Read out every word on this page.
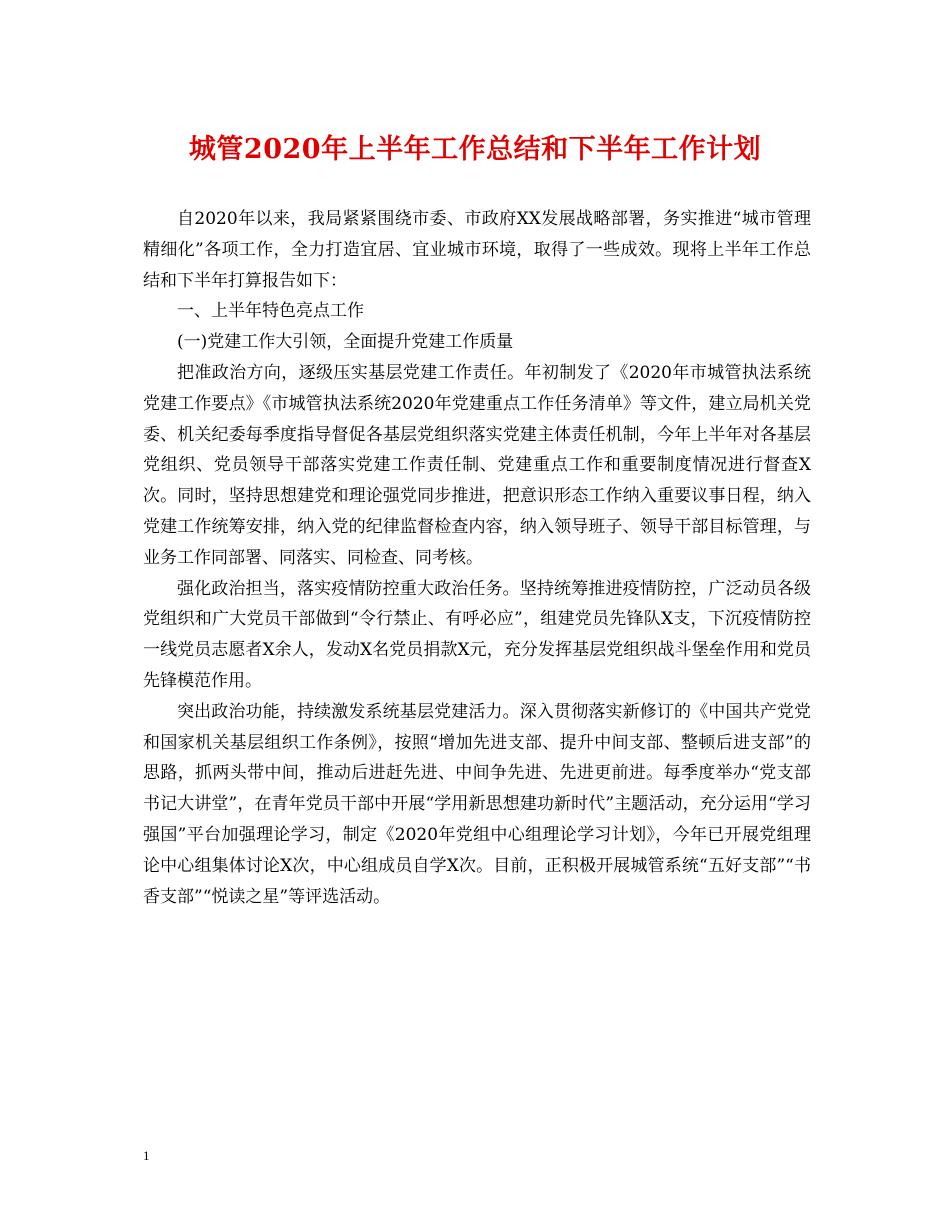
城管2020年上半年工作总结和下半年工作计划

自2020年以来，我局紧紧围绕市委、市政府XX发展战略部署，务实推进“城市管理精细化”各项工作，全力打造宜居、宜业城市环境，取得了一些成效。现将上半年工作总结和下半年打算报告如下：

一、上半年特色亮点工作

(一)党建工作大引领，全面提升党建工作质量

把准政治方向，逐级压实基层党建工作责任。年初制发了《2020年市城管执法系统党建工作要点》《市城管执法系统2020年党建重点工作任务清单》等文件，建立局机关党委、机关纪委每季度指导督促各基层党组织落实党建主体责任机制，今年上半年对各基层党组织、党员领导干部落实党建工作责任制、党建重点工作和重要制度情况进行督查X次。同时，坚持思想建党和理论强党同步推进，把意识形态工作纳入重要议事日程，纳入党建工作统筹安排，纳入党的纪律监督检查内容，纳入领导班子、领导干部目标管理，与业务工作同部署、同落实、同检查、同考核。

强化政治担当，落实疫情防控重大政治任务。坚持统筹推进疫情防控，广泛动员各级党组织和广大党员干部做到“令行禁止、有呼必应”，组建党员先锋队X支，下沉疫情防控一线党员志愿者X余人，发动X名党员捐款X元，充分发挥基层党组织战斗堡垒作用和党员先锋模范作用。

突出政治功能，持续激发系统基层党建活力。深入贯彻落实新修订的《中国共产党党和国家机关基层组织工作条例》，按照“增加先进支部、提升中间支部、整顿后进支部”的思路，抓两头带中间，推动后进赶先进、中间争先进、先进更前进。每季度举办“党支部书记大讲堂”，在青年党员干部中开展“学用新思想建功新时代”主题活动，充分运用“学习强国”平台加强理论学习，制定《2020年党组中心组理论学习计划》，今年已开展党组理论中心组集体讨论X次，中心组成员自学X次。目前，正积极开展城管系统“五好支部”“书香支部”“悦读之星”等评选活动。

1
